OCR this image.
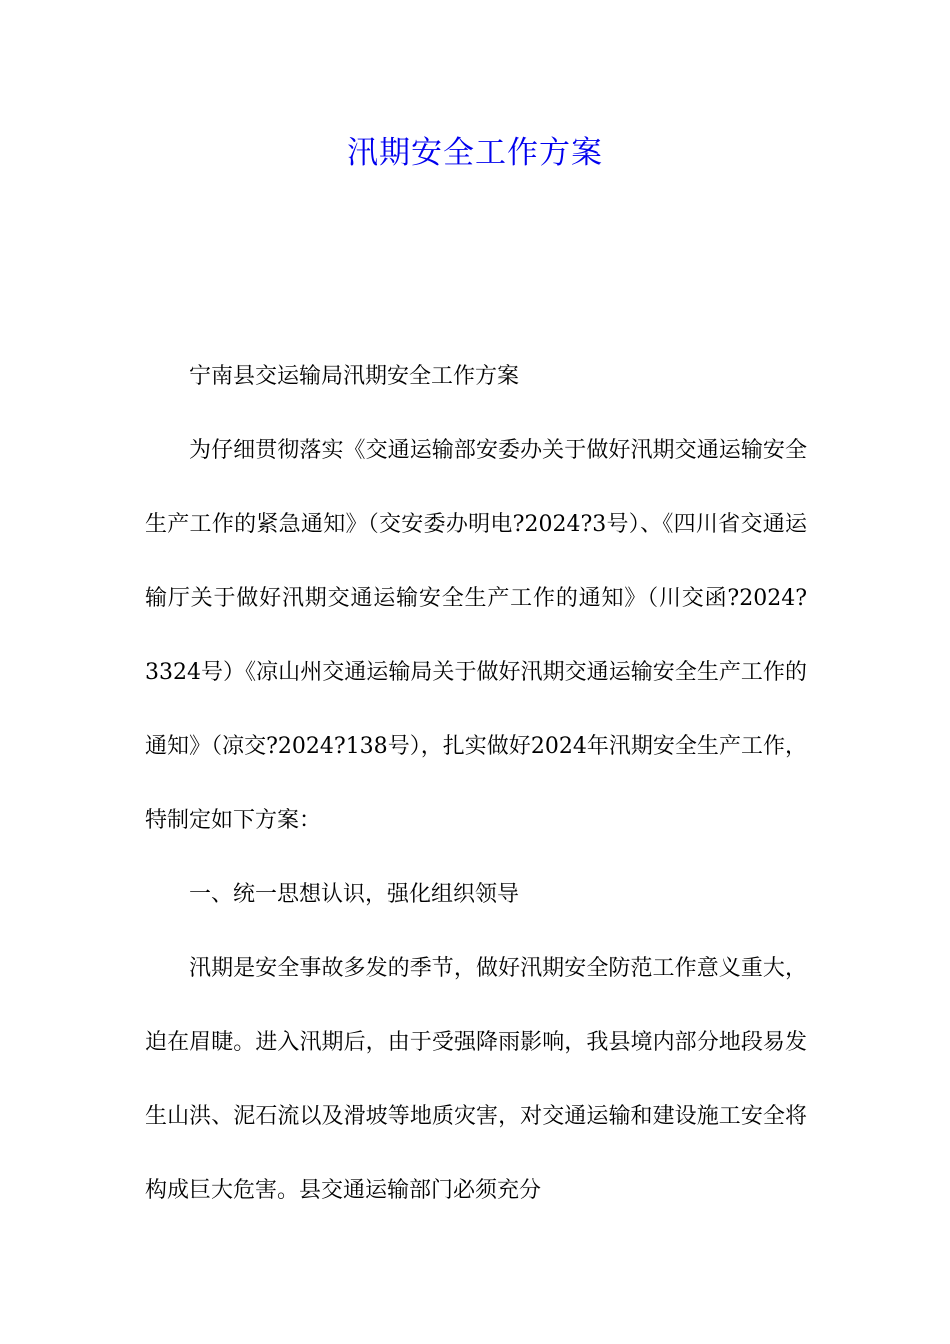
汛期安全工作方案

宁南县交运输局汛期安全工作方案

为仔细贯彻落实《交通运输部安委办关于做好汛期交通运输安全生产工作的紧急通知》（交安委办明电?2024?3号）、《四川省交通运输厅关于做好汛期交通运输安全生产工作的通知》（川交函?2024?3324号）《凉山州交通运输局关于做好汛期交通运输安全生产工作的通知》（凉交?2024?138号），扎实做好2024年汛期安全生产工作，特制定如下方案：

一、统一思想认识，强化组织领导

汛期是安全事故多发的季节，做好汛期安全防范工作意义重大，迫在眉睫。进入汛期后，由于受强降雨影响，我县境内部分地段易发生山洪、泥石流以及滑坡等地质灾害，对交通运输和建设施工安全将构成巨大危害。县交通运输部门必须充分
